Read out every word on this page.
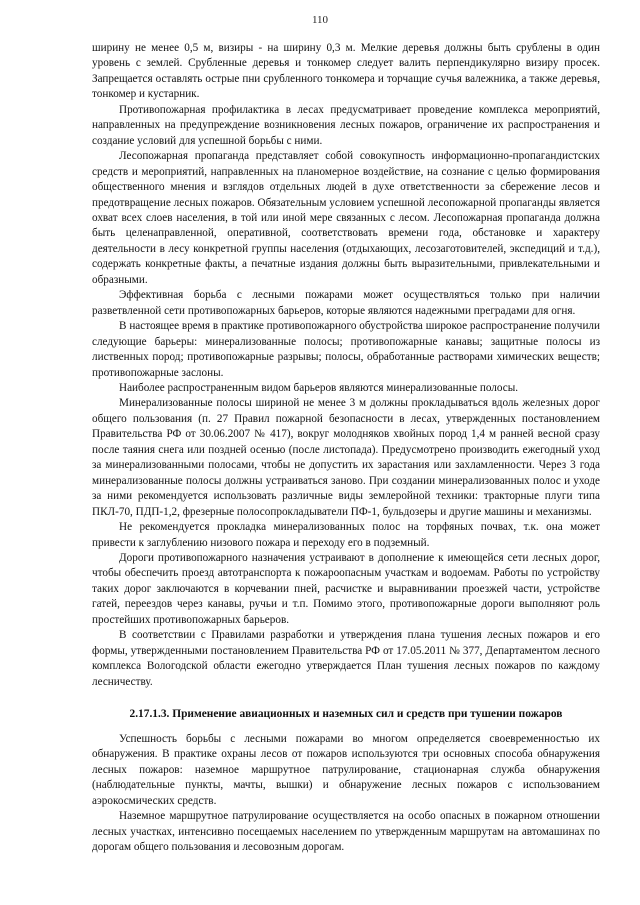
110

ширину не менее 0,5 м, визиры - на ширину 0,3 м. Мелкие деревья должны быть срублены в один уровень с землей. Срубленные деревья и тонкомер следует валить перпендикулярно визиру просек. Запрещается оставлять острые пни срубленного тонкомера и торчащие сучья валежника, а также деревья, тонкомер и кустарник.

Противопожарная профилактика в лесах предусматривает проведение комплекса мероприятий, направленных на предупреждение возникновения лесных пожаров, ограничение их распространения и создание условий для успешной борьбы с ними.

Лесопожарная пропаганда представляет собой совокупность информационно-пропагандистских средств и мероприятий, направленных на планомерное воздействие, на сознание с целью формирования общественного мнения и взглядов отдельных людей в духе ответственности за сбережение лесов и предотвращение лесных пожаров. Обязательным условием успешной лесопожарной пропаганды является охват всех слоев населения, в той или иной мере связанных с лесом. Лесопожарная пропаганда должна быть целенаправленной, оперативной, соответствовать времени года, обстановке и характеру деятельности в лесу конкретной группы населения (отдыхающих, лесозаготовителей, экспедиций и т.д.), содержать конкретные факты, а печатные издания должны быть выразительными, привлекательными и образными.

Эффективная борьба с лесными пожарами может осуществляться только при наличии разветвленной сети противопожарных барьеров, которые являются надежными преградами для огня.

В настоящее время в практике противопожарного обустройства широкое распространение получили следующие барьеры: минерализованные полосы; противопожарные канавы; защитные полосы из лиственных пород; противопожарные разрывы; полосы, обработанные растворами химических веществ; противопожарные заслоны.

Наиболее распространенным видом барьеров являются минерализованные полосы.

Минерализованные полосы шириной не менее 3 м должны прокладываться вдоль железных дорог общего пользования (п. 27 Правил пожарной безопасности в лесах, утвержденных постановлением Правительства РФ от 30.06.2007 № 417), вокруг молодняков хвойных пород 1,4 м ранней весной сразу после таяния снега или поздней осенью (после листопада). Предусмотрено производить ежегодный уход за минерализованными полосами, чтобы не допустить их зарастания или захламленности. Через 3 года минерализованные полосы должны устраиваться заново. При создании минерализованных полос и уходе за ними рекомендуется использовать различные виды землеройной техники: тракторные плуги типа ПКЛ-70, ПДП-1,2, фрезерные полосопрокладыватели ПФ-1, бульдозеры и другие машины и механизмы.

Не рекомендуется прокладка минерализованных полос на торфяных почвах, т.к. она может привести к заглублению низового пожара и переходу его в подземный.

Дороги противопожарного назначения устраивают в дополнение к имеющейся сети лесных дорог, чтобы обеспечить проезд автотранспорта к пожароопасным участкам и водоемам. Работы по устройству таких дорог заключаются в корчевании пней, расчистке и выравнивании проезжей части, устройстве гатей, переездов через канавы, ручьи и т.п. Помимо этого, противопожарные дороги выполняют роль простейших противопожарных барьеров.

В соответствии с Правилами разработки и утверждения плана тушения лесных пожаров и его формы, утвержденными постановлением Правительства РФ от 17.05.2011 № 377, Департаментом лесного комплекса Вологодской области ежегодно утверждается План тушения лесных пожаров по каждому лесничеству.

2.17.1.3. Применение авиационных и наземных сил и средств при тушении пожаров

Успешность борьбы с лесными пожарами во многом определяется своевременностью их обнаружения. В практике охраны лесов от пожаров используются три основных способа обнаружения лесных пожаров: наземное маршрутное патрулирование, стационарная служба обнаружения (наблюдательные пункты, мачты, вышки) и обнаружение лесных пожаров с использованием аэрокосмических средств.

Наземное маршрутное патрулирование осуществляется на особо опасных в пожарном отношении лесных участках, интенсивно посещаемых населением по утвержденным маршрутам на автомашинах по дорогам общего пользования и лесовозным дорогам.
